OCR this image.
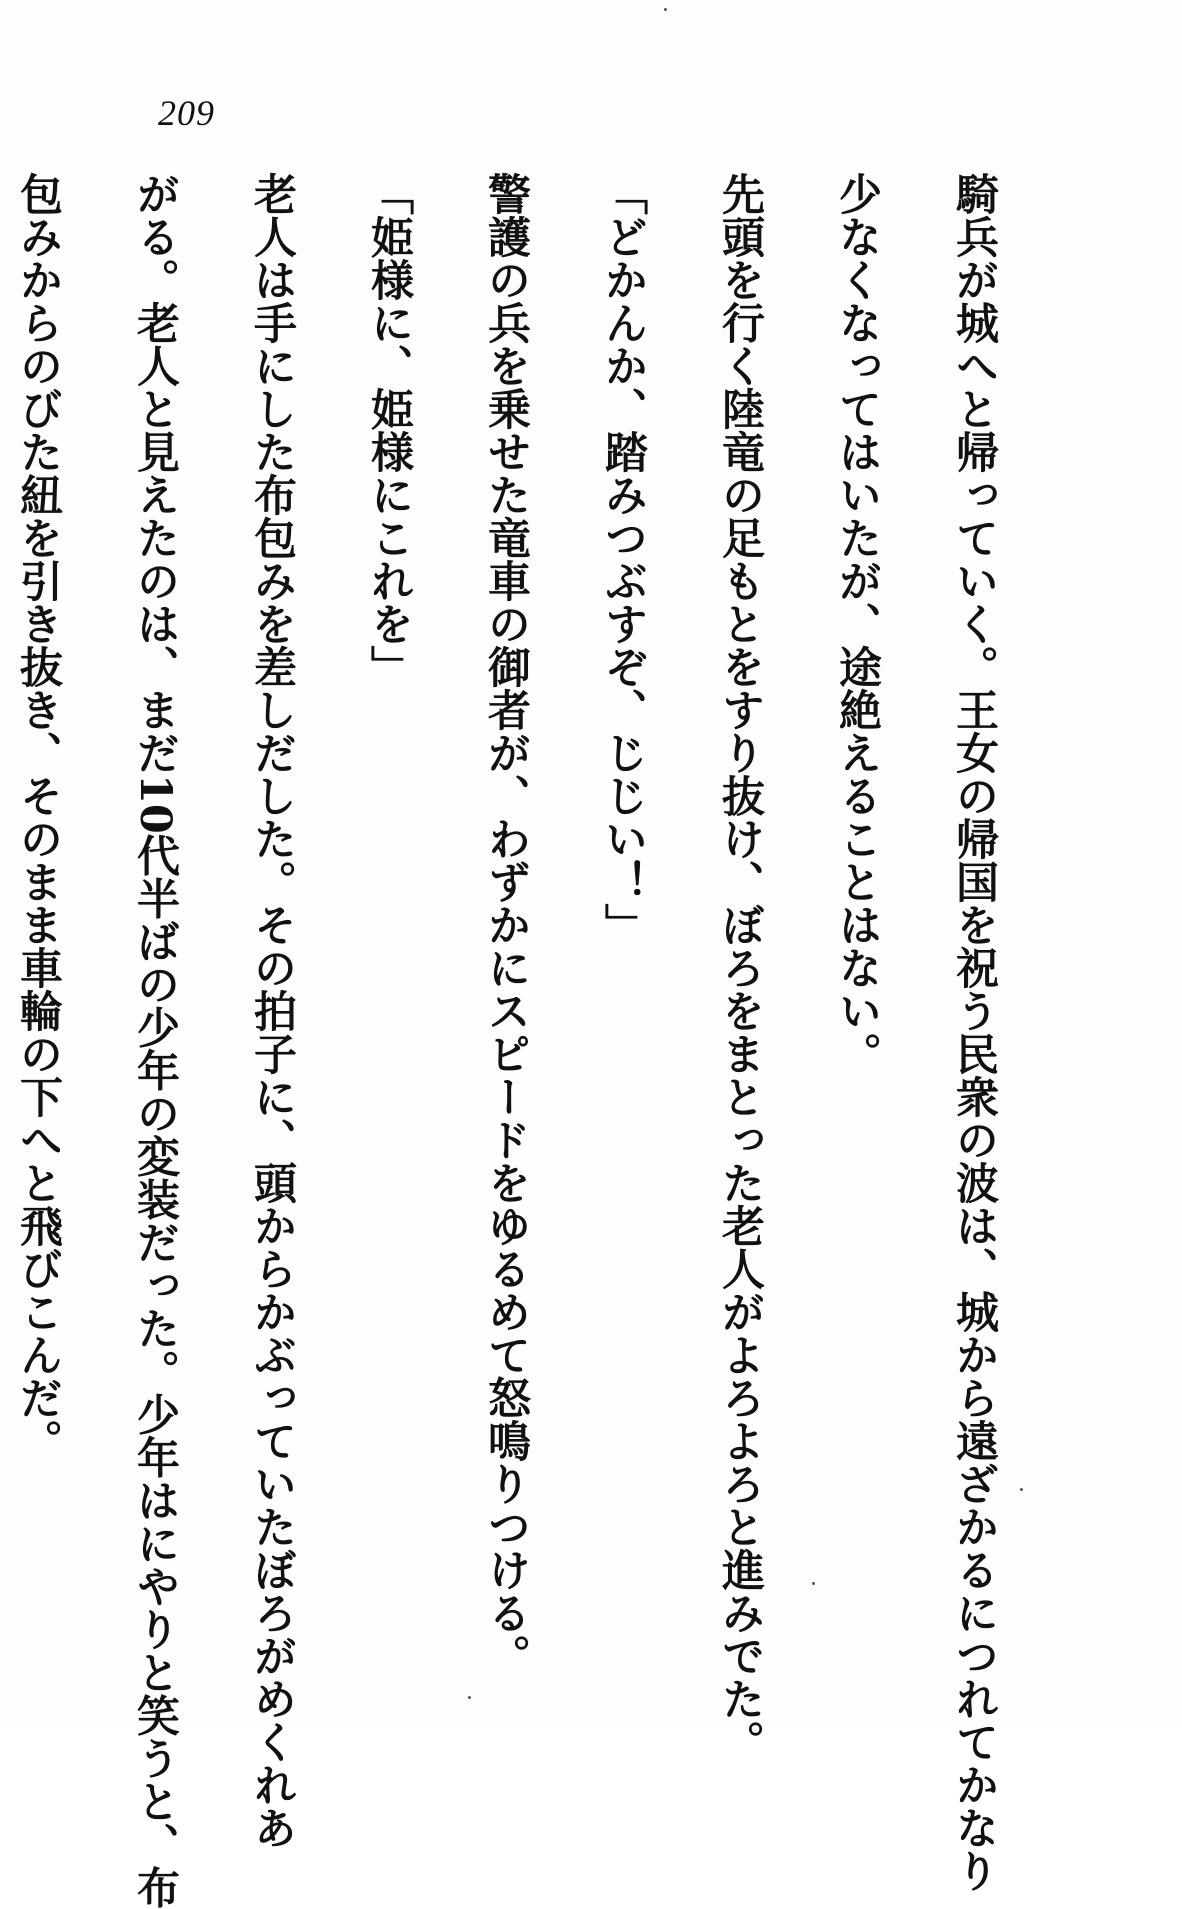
209
騎兵が城へと帰っていく。王女の帰国を祝う民衆の波は、城から遠ざかるにつれてかなり
少なくなってはいたが、途絶えることはない。
先頭を行く陸竜の足もとをすり抜け、ぼろをまとった老人がよろよろと進みでた。
「どかんか、踏みつぶすぞ、じじい！」
警護の兵を乗せた竜車の御者が、わずかにスピードをゆるめて怒鳴りつける。
「姫様に、姫様にこれを」
老人は手にした布包みを差しだした。その拍子に、頭からかぶっていたぼろがめくれあ
がる。老人と見えたのは、まだ10代半ばの少年の変装だった。少年はにやりと笑うと、布
包みからのびた紐を引き抜き、そのまま車輪の下へと飛びこんだ。
